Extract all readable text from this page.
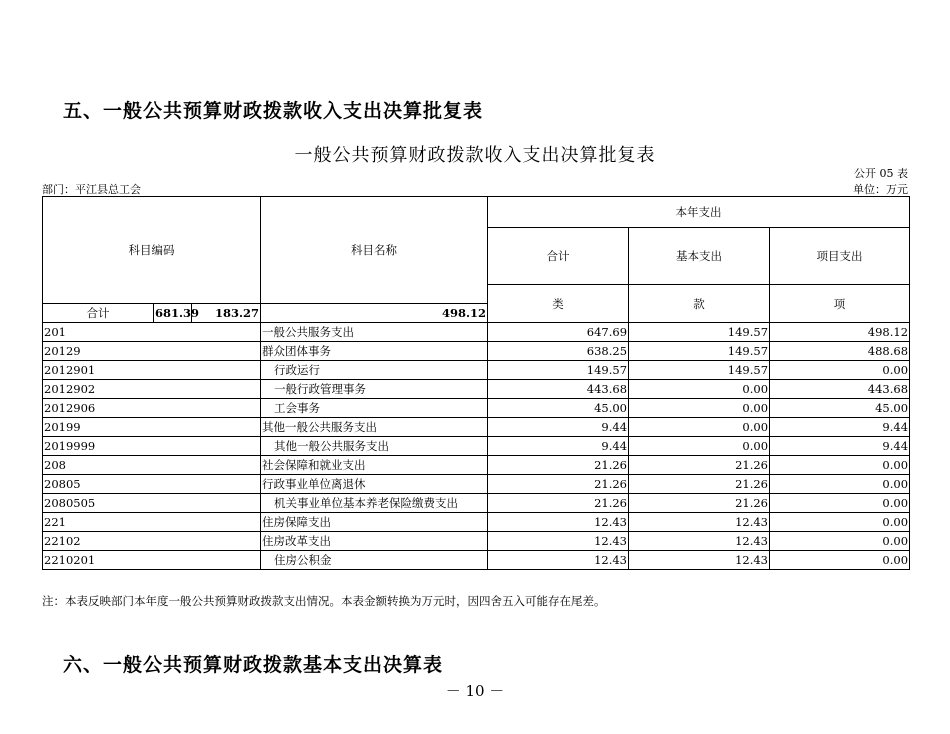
五、一般公共预算财政拨款收入支出决算批复表
一般公共预算财政拨款收入支出决算批复表
公开 05 表
部门：平江县总工会	单位：万元
科目编码			科目名称	本年支出			
				合计	基本支出	项目支出	
				类	款	项				
合计	681.39	183.27	498.12				
201			一般公共服务支出	647.69	149.57	498.12	
20129			群众团体事务	638.25	149.57	488.68	
2012901			行政运行	149.57	149.57	0.00	
2012902			一般行政管理事务	443.68	0.00	443.68	
2012906			工会事务	45.00	0.00	45.00	
20199			其他一般公共服务支出	9.44	0.00	9.44	
2019999			其他一般公共服务支出	9.44	0.00	9.44	
208			社会保障和就业支出	21.26	21.26	0.00	
20805			行政事业单位离退休	21.26	21.26	0.00	
2080505			机关事业单位基本养老保险缴费支出	21.26	21.26	0.00	
221			住房保障支出	12.43	12.43	0.00	
22102			住房改革支出	12.43	12.43	0.00	
2210201			住房公积金	12.43	12.43	0.00	
注：本表反映部门本年度一般公共预算财政拨款支出情况。本表金额转换为万元时，因四舍五入可能存在尾差。
六、一般公共预算财政拨款基本支出决算表
－ 10 －
